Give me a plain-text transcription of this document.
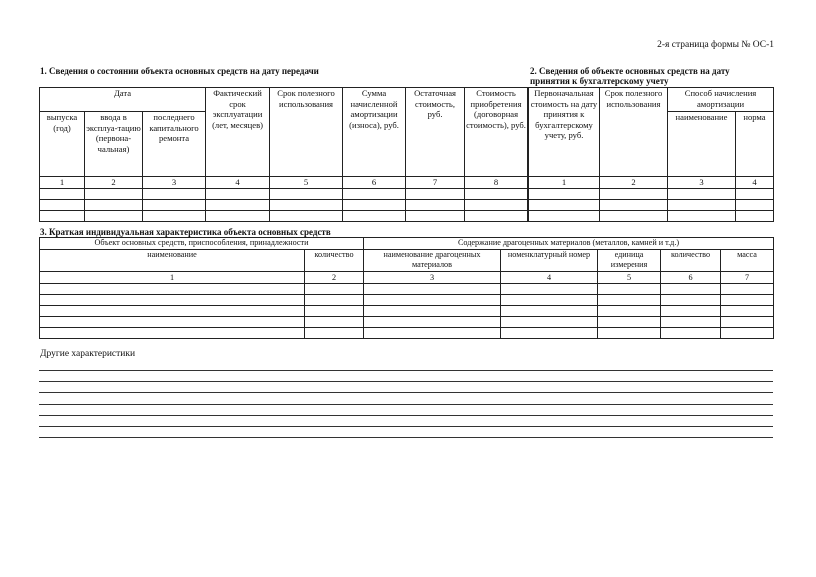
2-я страница формы № ОС-1
1. Сведения о состоянии объекта основных средств на дату передачи	2. Сведения об объекте основных средств на дату принятия к бухгалтерскому учету
Дата			Фактический срок эксплуатации (лет, месяцев)	Срок полезного использования	Сумма начисленной амортизации (износа), руб.	Остаточная стоимость, руб.	Стоимость приобретения (договорная стоимость), руб.
выпуска (год)	ввода в эксплуа-тацию (первона-чальная)	последнего капитального ремонта					
1	2	3	4	5	6	7	8

Первоначальная стоимость на дату принятия к бухгалтерскому учету, руб.	Срок полезного использования	Способ начисления амортизации	
		наименование	норма
1	2	3	4

3. Краткая индивидуальная характеристика объекта основных средств
Объект основных средств, приспособления, принадлежности		Содержание драгоценных материалов (металлов, камней и т.д.)				
наименование	количество	наименование драгоценных материалов	номенклатурный номер	единица измерения	количество	масса
1	2	3	4	5	6	7

Другие характеристики
